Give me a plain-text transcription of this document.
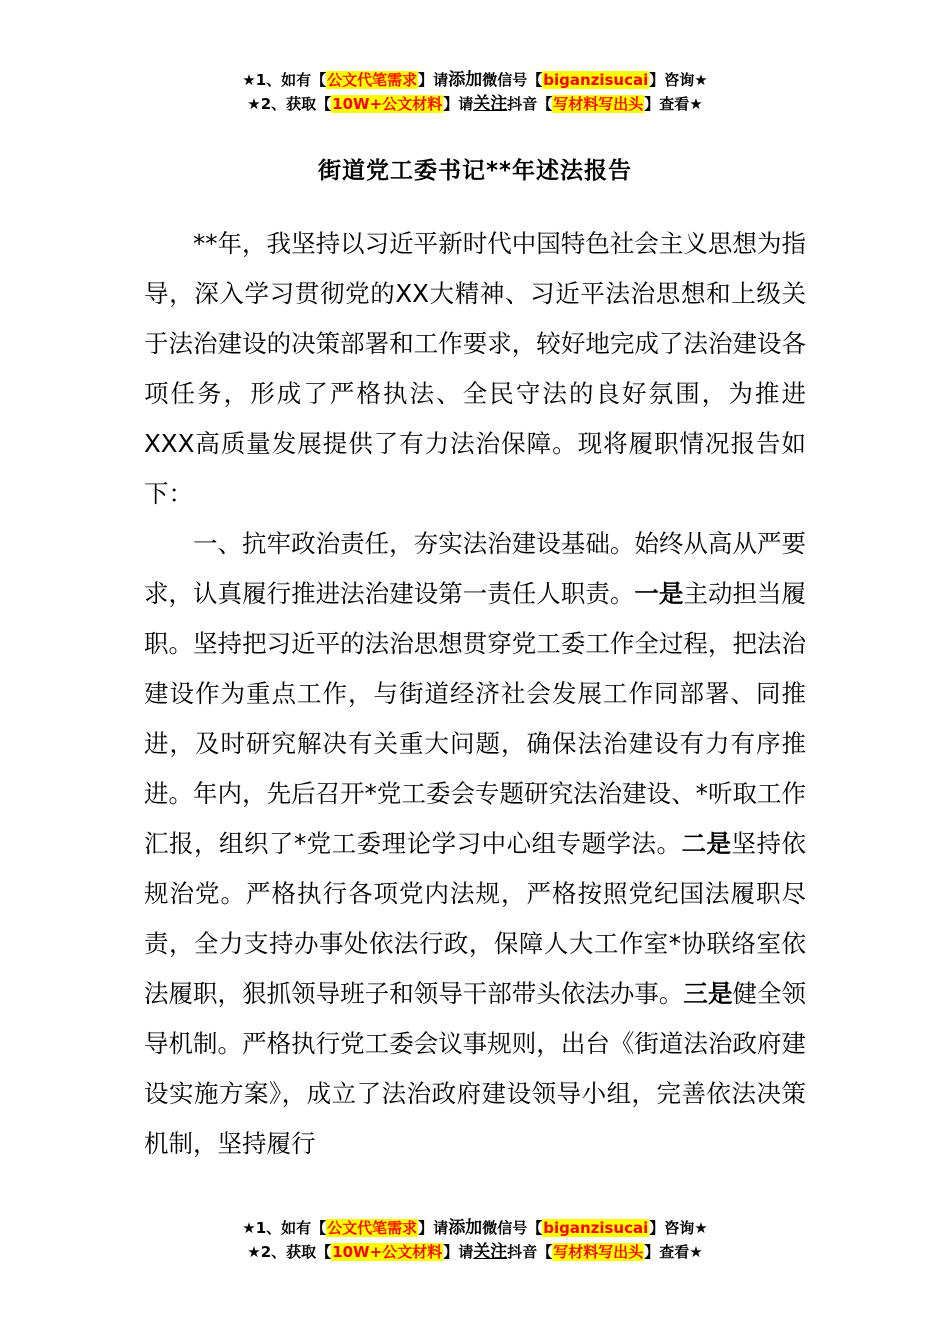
★1、如有【公文代笔需求】请添加微信号【biganzisucai】咨询★
★2、获取【10W+公文材料】请关注抖音【写材料写出头】查看★
街道党工委书记**年述法报告

**年，我坚持以习近平新时代中国特色社会主义思想为指导，深入学习贯彻党的XX大精神、习近平法治思想和上级关于法治建设的决策部署和工作要求，较好地完成了法治建设各项任务，形成了严格执法、全民守法的良好氛围，为推进XXX高质量发展提供了有力法治保障。现将履职情况报告如下：

一、抗牢政治责任，夯实法治建设基础。始终从高从严要求，认真履行推进法治建设第一责任人职责。一是主动担当履职。坚持把习近平的法治思想贯穿党工委工作全过程，把法治建设作为重点工作，与街道经济社会发展工作同部署、同推进，及时研究解决有关重大问题，确保法治建设有力有序推进。年内，先后召开*党工委会专题研究法治建设、*听取工作汇报，组织了*党工委理论学习中心组专题学法。二是坚持依规治党。严格执行各项党内法规，严格按照党纪国法履职尽责，全力支持办事处依法行政，保障人大工作室*协联络室依法履职，狠抓领导班子和领导干部带头依法办事。三是健全领导机制。严格执行党工委会议事规则，出台《街道法治政府建设实施方案》，成立了法治政府建设领导小组，完善依法决策机制，坚持履行

★1、如有【公文代笔需求】请添加微信号【biganzisucai】咨询★
★2、获取【10W+公文材料】请关注抖音【写材料写出头】查看★
